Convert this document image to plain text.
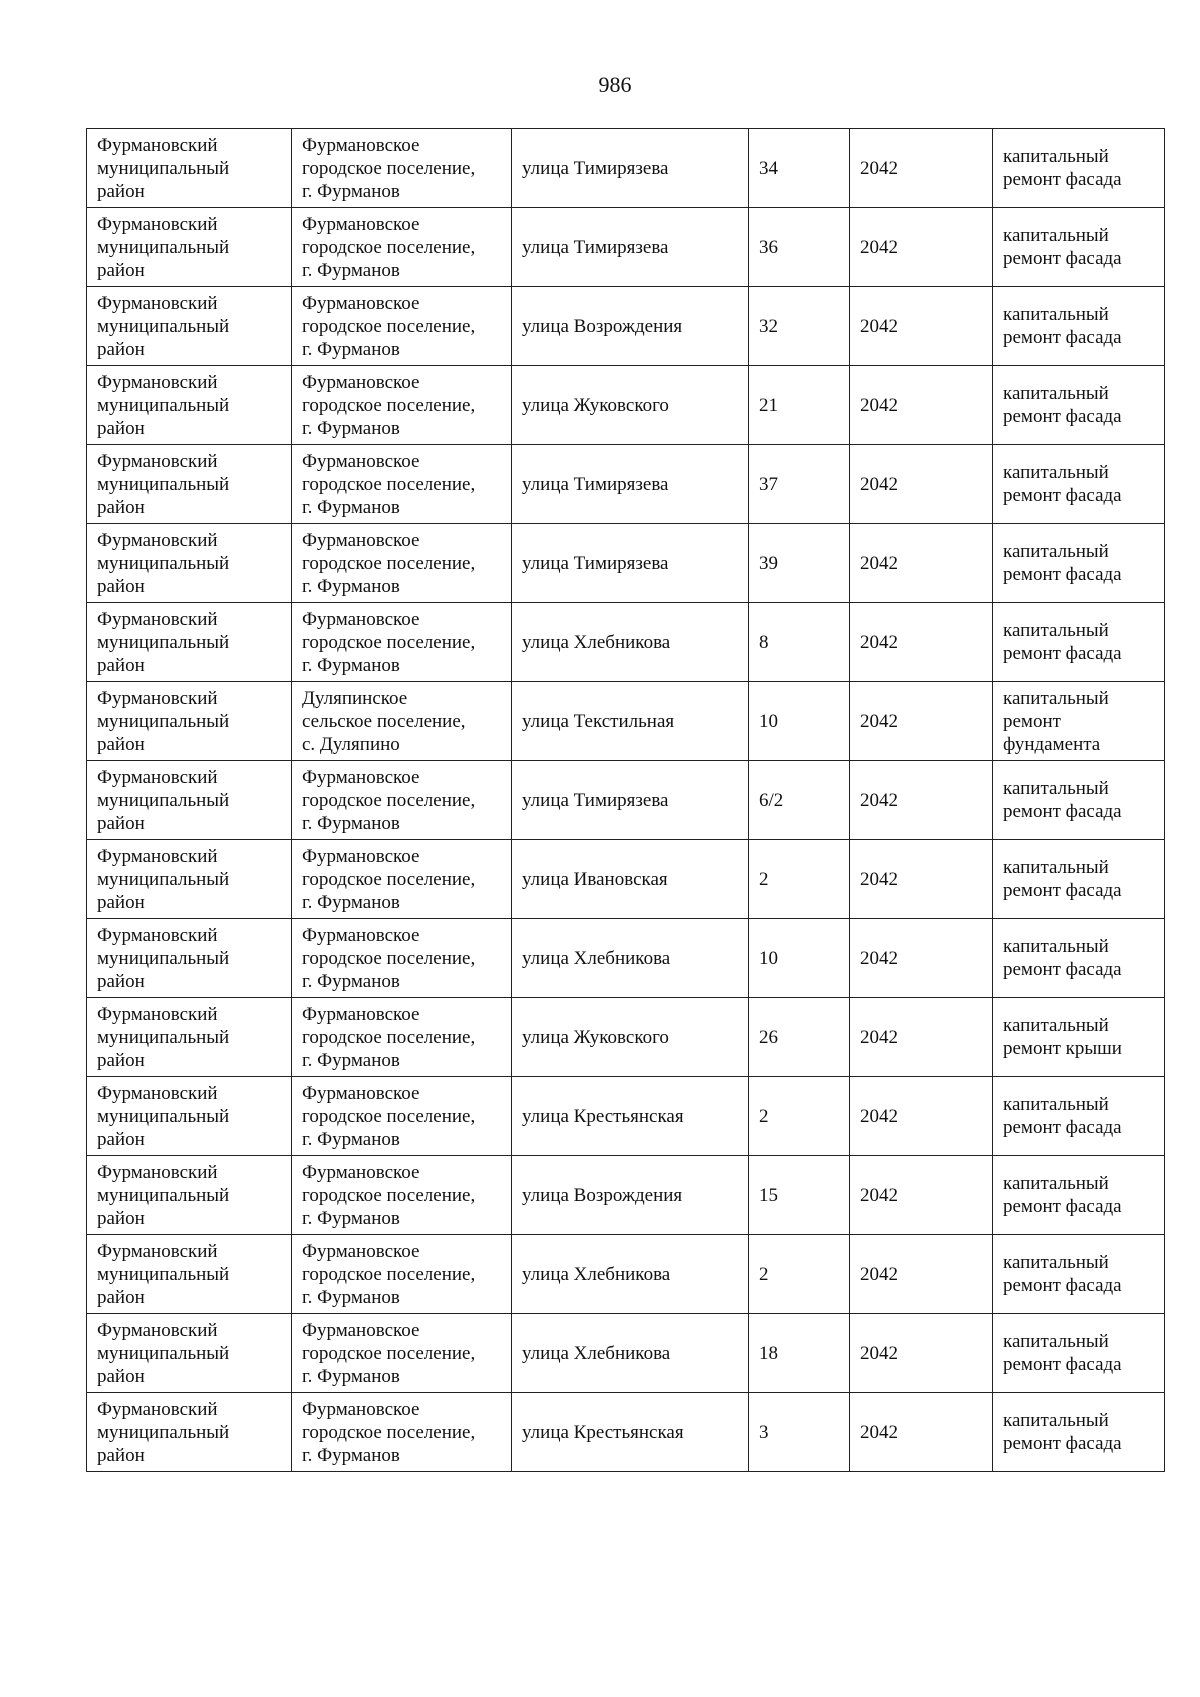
986
Фурмановский
муниципальный
район	Фурмановское
городское поселение,
г. Фурманов	улица Тимирязева	34	2042	капитальный
ремонт фасада
Фурмановский
муниципальный
район	Фурмановское
городское поселение,
г. Фурманов	улица Тимирязева	36	2042	капитальный
ремонт фасада
Фурмановский
муниципальный
район	Фурмановское
городское поселение,
г. Фурманов	улица Возрождения	32	2042	капитальный
ремонт фасада
Фурмановский
муниципальный
район	Фурмановское
городское поселение,
г. Фурманов	улица Жуковского	21	2042	капитальный
ремонт фасада
Фурмановский
муниципальный
район	Фурмановское
городское поселение,
г. Фурманов	улица Тимирязева	37	2042	капитальный
ремонт фасада
Фурмановский
муниципальный
район	Фурмановское
городское поселение,
г. Фурманов	улица Тимирязева	39	2042	капитальный
ремонт фасада
Фурмановский
муниципальный
район	Фурмановское
городское поселение,
г. Фурманов	улица Хлебникова	8	2042	капитальный
ремонт фасада
Фурмановский
муниципальный
район	Дуляпинское
сельское поселение,
с. Дуляпино	улица Текстильная	10	2042	капитальный
ремонт
фундамента
Фурмановский
муниципальный
район	Фурмановское
городское поселение,
г. Фурманов	улица Тимирязева	6/2	2042	капитальный
ремонт фасада
Фурмановский
муниципальный
район	Фурмановское
городское поселение,
г. Фурманов	улица Ивановская	2	2042	капитальный
ремонт фасада
Фурмановский
муниципальный
район	Фурмановское
городское поселение,
г. Фурманов	улица Хлебникова	10	2042	капитальный
ремонт фасада
Фурмановский
муниципальный
район	Фурмановское
городское поселение,
г. Фурманов	улица Жуковского	26	2042	капитальный
ремонт крыши
Фурмановский
муниципальный
район	Фурмановское
городское поселение,
г. Фурманов	улица Крестьянская	2	2042	капитальный
ремонт фасада
Фурмановский
муниципальный
район	Фурмановское
городское поселение,
г. Фурманов	улица Возрождения	15	2042	капитальный
ремонт фасада
Фурмановский
муниципальный
район	Фурмановское
городское поселение,
г. Фурманов	улица Хлебникова	2	2042	капитальный
ремонт фасада
Фурмановский
муниципальный
район	Фурмановское
городское поселение,
г. Фурманов	улица Хлебникова	18	2042	капитальный
ремонт фасада
Фурмановский
муниципальный
район	Фурмановское
городское поселение,
г. Фурманов	улица Крестьянская	3	2042	капитальный
ремонт фасада
